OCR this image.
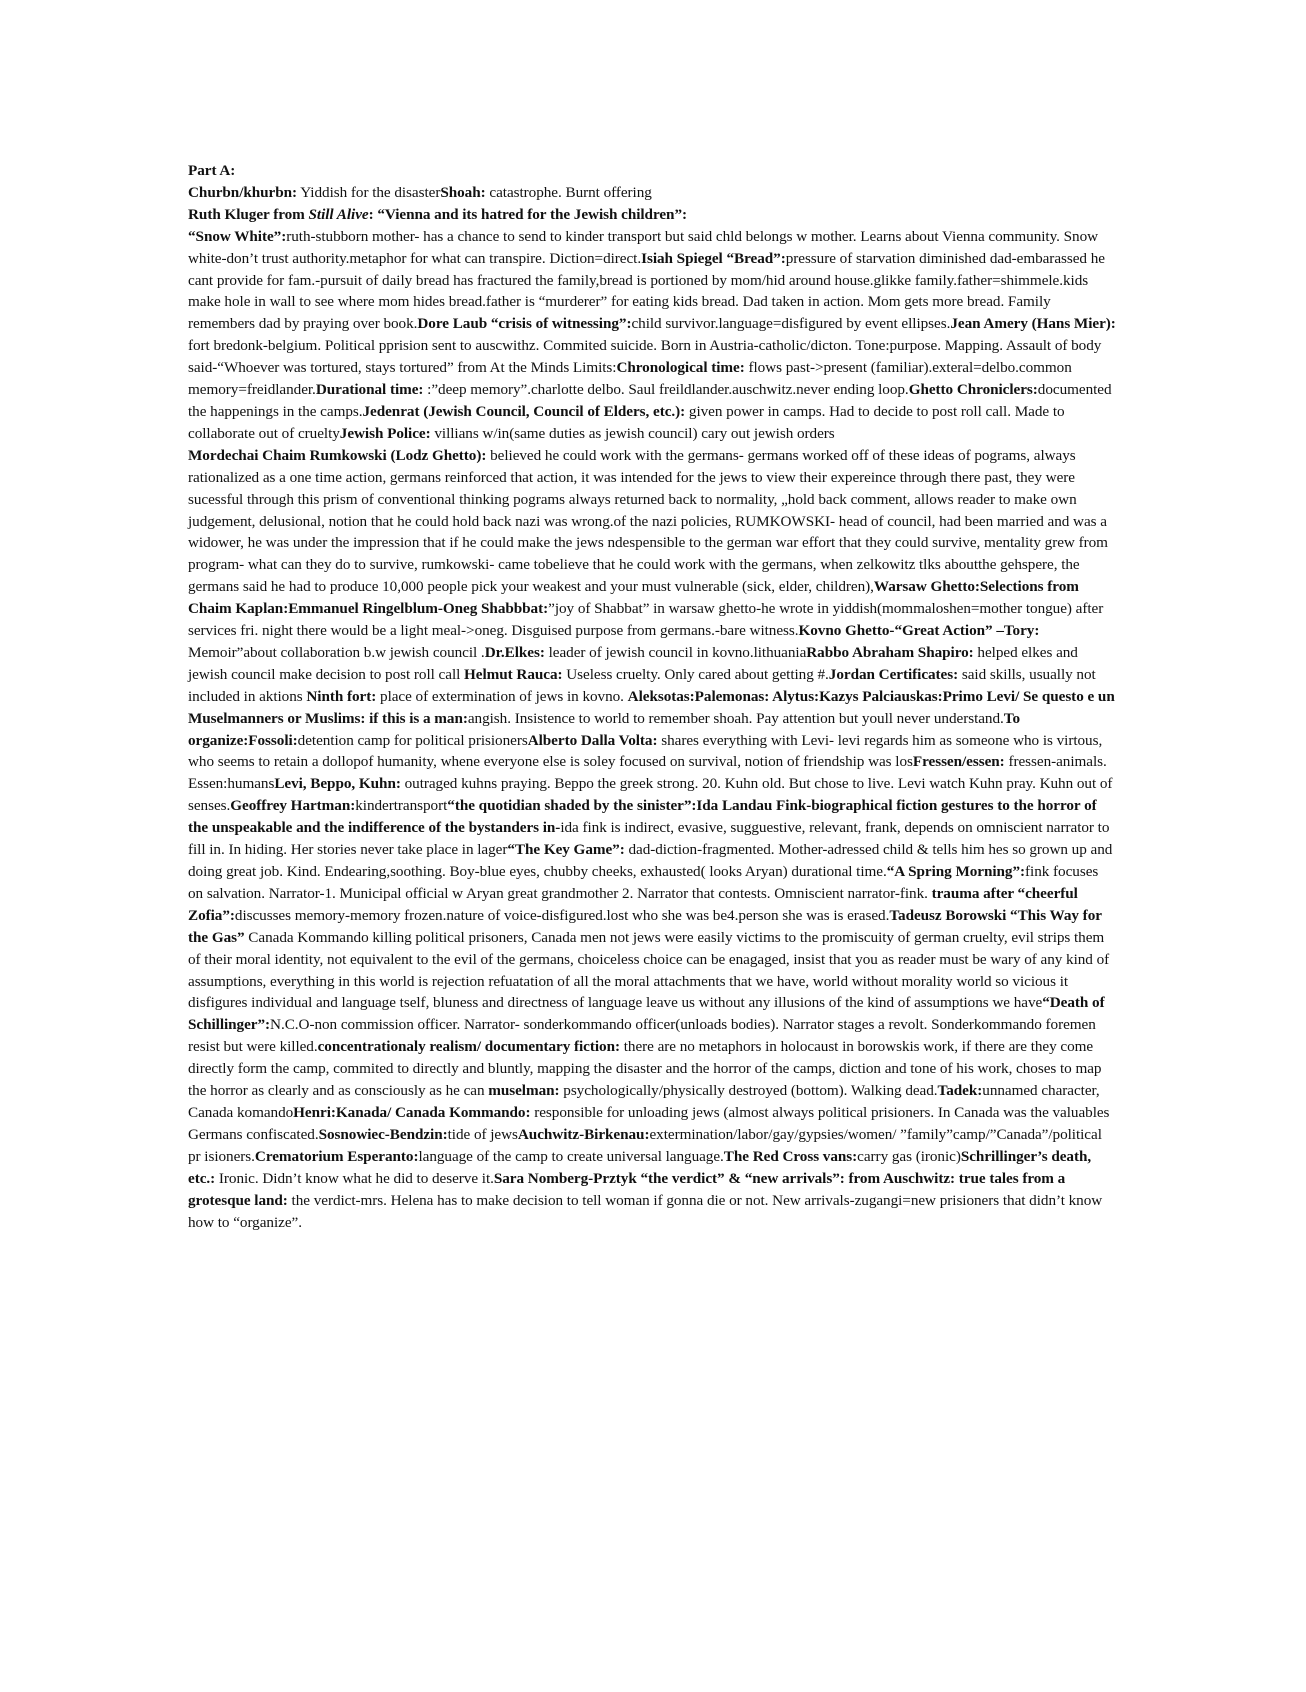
Part A:

Churbn/khurbn: Yiddish for the disasterShoah: catastrophe. Burnt offering

Ruth Kluger from Still Alive: “Vienna and its hatred for the Jewish children”:

“Snow White”:ruth-stubborn mother- has a chance to send to kinder transport but said chld belongs w mother. Learns about Vienna community. Snow white-don’t trust authority.metaphor for what can transpire. Diction=direct.Isiah Spiegel “Bread”:pressure of starvation diminished dad-embarassed he cant provide for fam.-pursuit of daily bread has fractured the family,bread is portioned by mom/hid around house.glikke family.father=shimmele.kids make hole in wall to see where mom hides bread.father is “murderer” for eating kids bread. Dad taken in action. Mom gets more bread. Family remembers dad by praying over book.Dore Laub “crisis of witnessing”:child survivor.language=disfigured by event ellipses.Jean Amery (Hans Mier): fort bredonk-belgium. Political pprision sent to auscwithz. Commited suicide. Born in Austria-catholic/dicton. Tone:purpose. Mapping. Assault of body said-“Whoever was tortured, stays tortured” from At the Minds Limits:Chronological time: flows past->present (familiar).exteral=delbo.common memory=freidlander.Durational time: :”deep memory”.charlotte delbo. Saul freildlander.auschwitz.never ending loop.Ghetto Chroniclers:documented the happenings in the camps.Jedenrat (Jewish Council, Council of Elders, etc.): given power in camps. Had to decide to post roll call. Made to collaborate out of crueltyJewish Police: villians w/in(same duties as jewish council) cary out jewish orders

Mordechai Chaim Rumkowski (Lodz Ghetto): believed he could work with the germans- germans worked off of these ideas of pograms, always rationalized as a one time action, germans reinforced that action, it was intended for the jews to view their expereince through there past, they were sucessful through this prism of conventional thinking pograms always returned back to normality, „hold back comment, allows reader to make own judgement, delusional, notion that he could hold back nazi was wrong.of the nazi policies, RUMKOWSKI- head of council, had been married and was a widower, he was under the impression that if he could make the jews ndespensible to the german war effort that they could survive, mentality grew from program- what can they do to survive, rumkowski- came tobelieve that he could work with the germans, when zelkowitz tlks aboutthe gehspere, the germans said he had to produce 10,000 people pick your weakest and your must vulnerable (sick, elder, children),Warsaw Ghetto:Selections from Chaim Kaplan:Emmanuel Ringelblum-Oneg Shabbbat:”joy of Shabbat” in warsaw ghetto-he wrote in yiddish(mommaloshen=mother tongue) after services fri. night there would be a light meal->oneg. Disguised purpose from germans.-bare witness.Kovno Ghetto-“Great Action” –Tory: Memoir”about collaboration b.w jewish council .Dr.Elkes: leader of jewish council in kovno.lithuaniaRabbo Abraham Shapiro: helped elkes and jewish council make decision to post roll call Helmut Rauca: Useless cruelty. Only cared about getting #.Jordan Certificates: said skills, usually not included in aktions Ninth fort: place of extermination of jews in kovno. Aleksotas:Palemonas: Alytus:Kazys Palciauskas:Primo Levi/ Se questo e un Muselmanners or Muslims: if this is a man:angish. Insistence to world to remember shoah. Pay attention but youll never understand.To organize:Fossoli:detention camp for political prisionersAlberto Dalla Volta: shares everything with Levi- levi regards him as someone who is virtous, who seems to retain a dollopof humanity, whene everyone else is soley focused on survival, notion of friendship was losFressen/essen: fressen-animals. Essen:humansLevi, Beppo, Kuhn: outraged kuhns praying. Beppo the greek strong. 20. Kuhn old. But chose to live. Levi watch Kuhn pray. Kuhn out of senses.Geoffrey Hartman:kindertransport“the quotidian shaded by the sinister”:Ida Landau Fink-biographical fiction gestures to the horror of the unspeakable and the indifference of the bystanders in-ida fink is indirect, evasive, sugguestive, relevant, frank, depends on omniscient narrator to fill in. In hiding. Her stories never take place in lager“The Key Game”: dad-diction-fragmented. Mother-adressed child & tells him hes so grown up and doing great job. Kind. Endearing,soothing. Boy-blue eyes, chubby cheeks, exhausted( looks Aryan) durational time.“A Spring Morning”:fink focuses on salvation. Narrator-1. Municipal official w Aryan great grandmother 2. Narrator that contests. Omniscient narrator-fink. trauma after “cheerful Zofia”:discusses memory-memory frozen.nature of voice-disfigured.lost who she was be4.person she was is erased.Tadeusz Borowski “This Way for the Gas” Canada Kommando killing political prisoners, Canada men not jews were easily victims to the promiscuity of german cruelty, evil strips them of their moral identity, not equivalent to the evil of the germans, choiceless choice can be enagaged, insist that you as reader must be wary of any kind of assumptions, everything in this world is rejection refuatation of all the moral attachments that we have, world without morality world so vicious it disfigures individual and language tself, bluness and directness of language leave us without any illusions of the kind of assumptions we have“Death of Schillinger”:N.C.O-non commission officer. Narrator- sonderkommando officer(unloads bodies). Narrator stages a revolt. Sonderkommando foremen resist but were killed.concentrationaly realism/ documentary fiction: there are no metaphors in holocaust in borowskis work, if there are they come directly form the camp, commited to directly and bluntly, mapping the disaster and the horror of the camps, diction and tone of his work, choses to map the horror as clearly and as consciously as he can muselman: psychologically/physically destroyed (bottom). Walking dead.Tadek:unnamed character, Canada komandoHenri:Kanada/ Canada Kommando: responsible for unloading jews (almost always political prisioners. In Canada was the valuables Germans confiscated.Sosnowiec-Bendzin:tide of jewsAuchwitz-Birkenau:extermination/labor/gay/gypsies/women/ ”family”camp/”Canada”/political pr isioners.Crematorium Esperanto:language of the camp to create universal language.The Red Cross vans:carry gas (ironic)Schrillinger’s death, etc.: Ironic. Didn’t know what he did to deserve it.Sara Nomberg-Prztyk “the verdict” & “new arrivals”: from Auschwitz: true tales from a grotesque land: the verdict-mrs. Helena has to make decision to tell woman if gonna die or not. New arrivals-zugangi=new prisioners that didn’t know how to “organize”.
